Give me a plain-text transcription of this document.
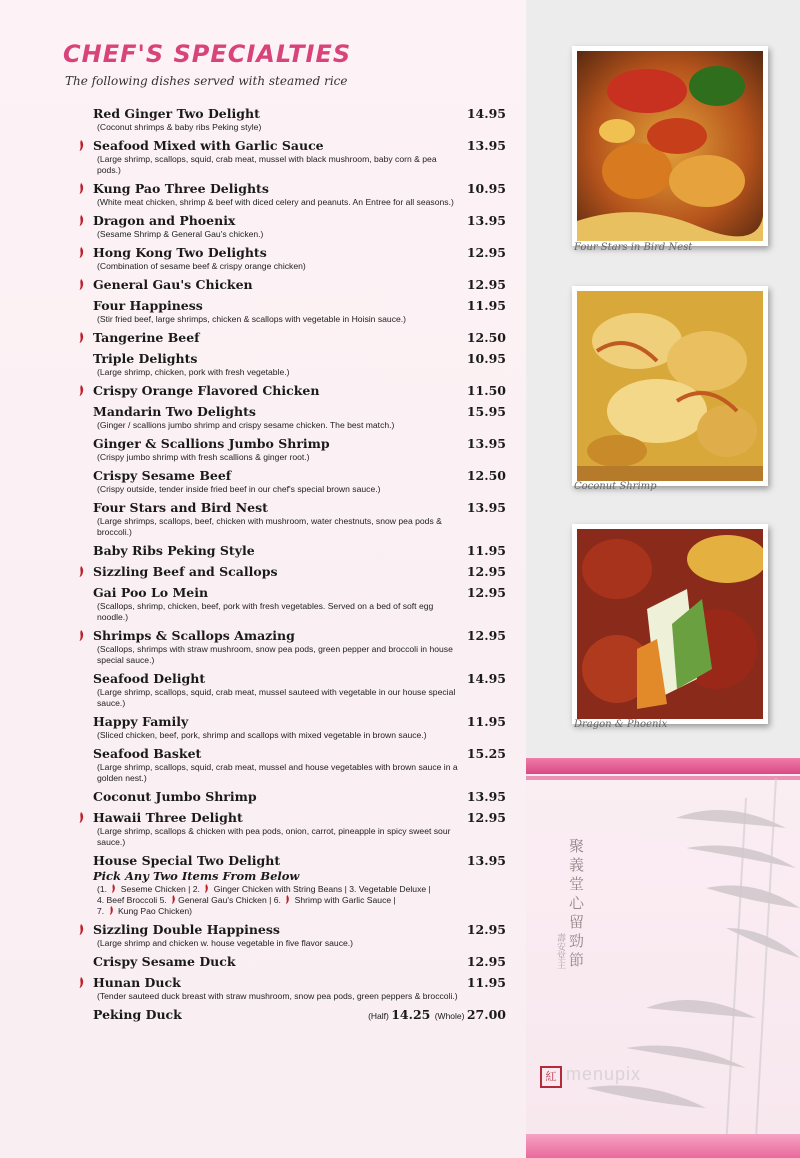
CHEF'S SPECIALTIES
The following dishes served with steamed rice
Red Ginger Two Delight	14.95
(Coconut shrimps & baby ribs Peking style)
Seafood Mixed with Garlic Sauce	13.95
(Large shrimp, scallops, squid, crab meat, mussel with black mushroom, baby corn & pea pods.)
Kung Pao Three Delights	10.95
(White meat chicken, shrimp & beef with diced celery and peanuts. An Entree for all seasons.)
Dragon and Phoenix	13.95
(Sesame Shrimp & General Gau's chicken.)
Hong Kong Two Delights	12.95
(Combination of sesame beef & crispy orange chicken)
General Gau's Chicken	12.95
Four Happiness	11.95
(Stir fried beef, large shrimps, chicken & scallops with vegetable in Hoisin sauce.)
Tangerine Beef	12.50
Triple Delights	10.95
(Large shrimp, chicken, pork with fresh vegetable.)
Crispy Orange Flavored Chicken	11.50
Mandarin Two Delights	15.95
(Ginger / scallions jumbo shrimp and crispy sesame chicken. The best match.)
Ginger & Scallions Jumbo Shrimp	13.95
(Crispy jumbo shrimp with fresh scallions & ginger root.)
Crispy Sesame Beef	12.50
(Crispy outside, tender inside fried beef in our chef's special brown sauce.)
Four Stars and Bird Nest	13.95
(Large shrimps, scallops, beef, chicken with mushroom, water chestnuts, snow pea pods & broccoli.)
Baby Ribs Peking Style	11.95
Sizzling Beef and Scallops	12.95
Gai Poo Lo Mein	12.95
(Scallops, shrimp, chicken, beef, pork with fresh vegetables. Served on a bed of soft egg noodle.)
Shrimps & Scallops Amazing	12.95
(Scallops, shrimps with straw mushroom, snow pea pods, green pepper and broccoli in house special sauce.)
Seafood Delight	14.95
(Large shrimp, scallops, squid, crab meat, mussel sauteed with vegetable in our house special sauce.)
Happy Family	11.95
(Sliced chicken, beef, pork, shrimp and scallops with mixed vegetable in brown sauce.)
Seafood Basket	15.25
(Large shrimp, scallops, squid, crab meat, mussel and house vegetables with brown sauce in a golden nest.)
Coconut Jumbo Shrimp	13.95
Hawaii Three Delight	12.95
(Large shrimp, scallops & chicken with pea pods, onion, carrot, pineapple in spicy sweet sour sauce.)
House Special Two Delight	13.95
Pick Any Two Items From Below
(1.  Seseme Chicken | 2.  Ginger Chicken with String Beans | 3. Vegetable Deluxe |
4. Beef Broccoli 5. General Gau's Chicken | 6.  Shrimp with Garlic Sauce |
7.  Kung Pao Chicken)
Sizzling Double Happiness	12.95
(Large shrimp and chicken w. house vegetable in five flavor sauce.)
Crispy Sesame Duck	12.95
Hunan Duck	11.95
(Tender sauteed duck breast with straw mushroom, snow pea pods, green peppers & broccoli.)
Peking Duck	(Half) 14.25 (Whole) 27.00
Four Stars in Bird Nest
Coconut Shrimp
Dragon & Phoenix
聚義堂心留勁節
壽安堂主
紅 menupix
